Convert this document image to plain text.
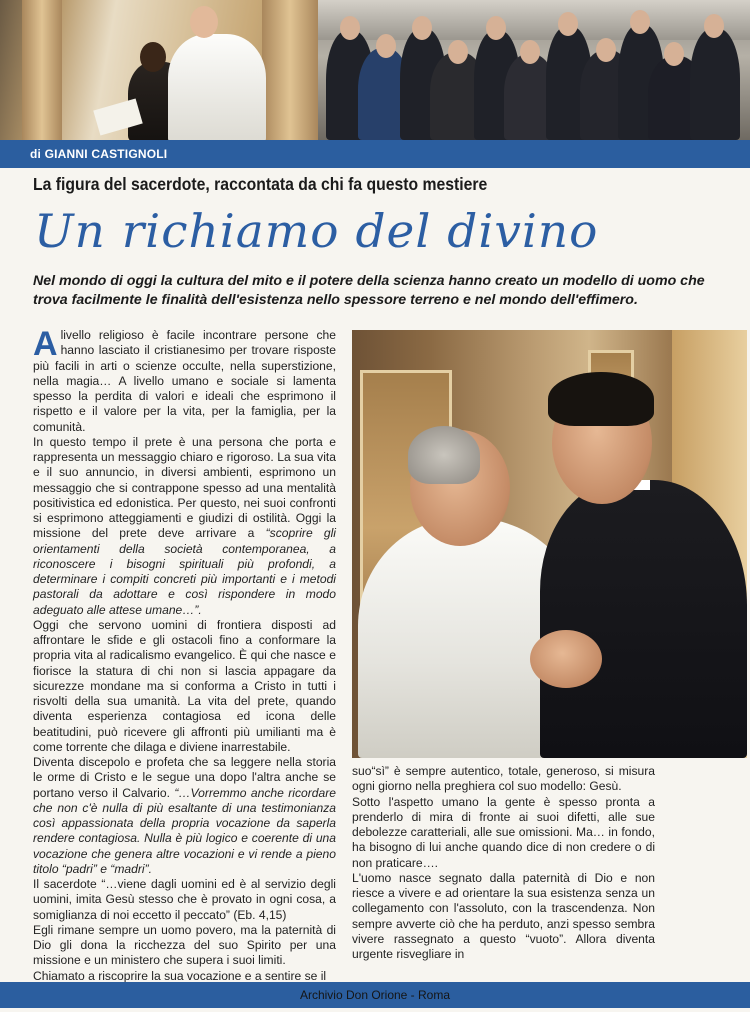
di GIANNI CASTIGNOLI
La figura del sacerdote, raccontata da chi fa questo mestiere
Un richiamo del divino
Nel mondo di oggi la cultura del mito e il potere della scienza hanno creato un modello di uomo che trova facilmente le finalità dell'esistenza nello spessore terreno e nel mondo dell'effimero.

Alivello religioso è facile incontrare persone che hanno lasciato il cristianesimo per trovare risposte più facili in arti o scienze occulte, nella superstizione, nella magia… A livello umano e sociale si lamenta spesso la perdita di valori e ideali che esprimono il rispetto e il valore per la vita, per la famiglia, per la comunità.

In questo tempo il prete è una persona che porta e rappresenta un messaggio chiaro e rigoroso. La sua vita e il suo annuncio, in diversi ambienti, esprimono un messaggio che si contrappone spesso ad una mentalità positivistica ed edonistica. Per questo, nei suoi confronti si esprimono atteggiamenti e giudizi di ostilità. Oggi la missione del prete deve arrivare a “scoprire gli orientamenti della società contemporanea, a riconoscere i bisogni spirituali più profondi, a determinare i compiti concreti più importanti e i metodi pastorali da adottare e così rispondere in modo adeguato alle attese umane…”.

Oggi che servono uomini di frontiera disposti ad affrontare le sfide e gli ostacoli fino a conformare la propria vita al radicalismo evangelico. È qui che nasce e fiorisce la statura di chi non si lascia appagare da sicurezze mondane ma si conforma a Cristo in tutti i risvolti della sua umanità. La vita del prete, quando diventa esperienza contagiosa ed icona delle beatitudini, può ricevere gli affronti più umilianti ma è come torrente che dilaga e diviene inarrestabile.

Diventa discepolo e profeta che sa leggere nella storia le orme di Cristo e le segue una dopo l'altra anche se portano verso il Calvario. “…Vorremmo anche ricordare che non c'è nulla di più esaltante di una testimonianza così appassionata della propria vocazione da saperla rendere contagiosa. Nulla è più logico e coerente di una vocazione che genera altre vocazioni e vi rende a pieno titolo “padri” e “madri”.

Il sacerdote “…viene dagli uomini ed è al servizio degli uomini, imita Gesù stesso che è provato in ogni cosa, a somiglianza di noi eccetto il peccato” (Eb. 4,15)

Egli rimane sempre un uomo povero, ma la paternità di Dio gli dona la ricchezza del suo Spirito per una missione e un ministero che supera i suoi limiti.

Chiamato a riscoprire la sua vocazione e a sentire se il

suo“sì” è sempre autentico, totale, generoso, si misura ogni giorno nella preghiera col suo modello: Gesù.

Sotto l'aspetto umano la gente è spesso pronta a prenderlo di mira di fronte ai suoi difetti, alle sue debolezze caratteriali, alle sue omissioni. Ma… in fondo, ha bisogno di lui anche quando dice di non credere o di non praticare….

L'uomo nasce segnato dalla paternità di Dio e non riesce a vivere e ad orientare la sua esistenza senza un collegamento con l'assoluto, con la trascendenza. Non sempre avverte ciò che ha perduto, anzi spesso sembra vivere rassegnato a questo “vuoto”. Allora diventa urgente risvegliare in

Archivio Don Orione - Roma
